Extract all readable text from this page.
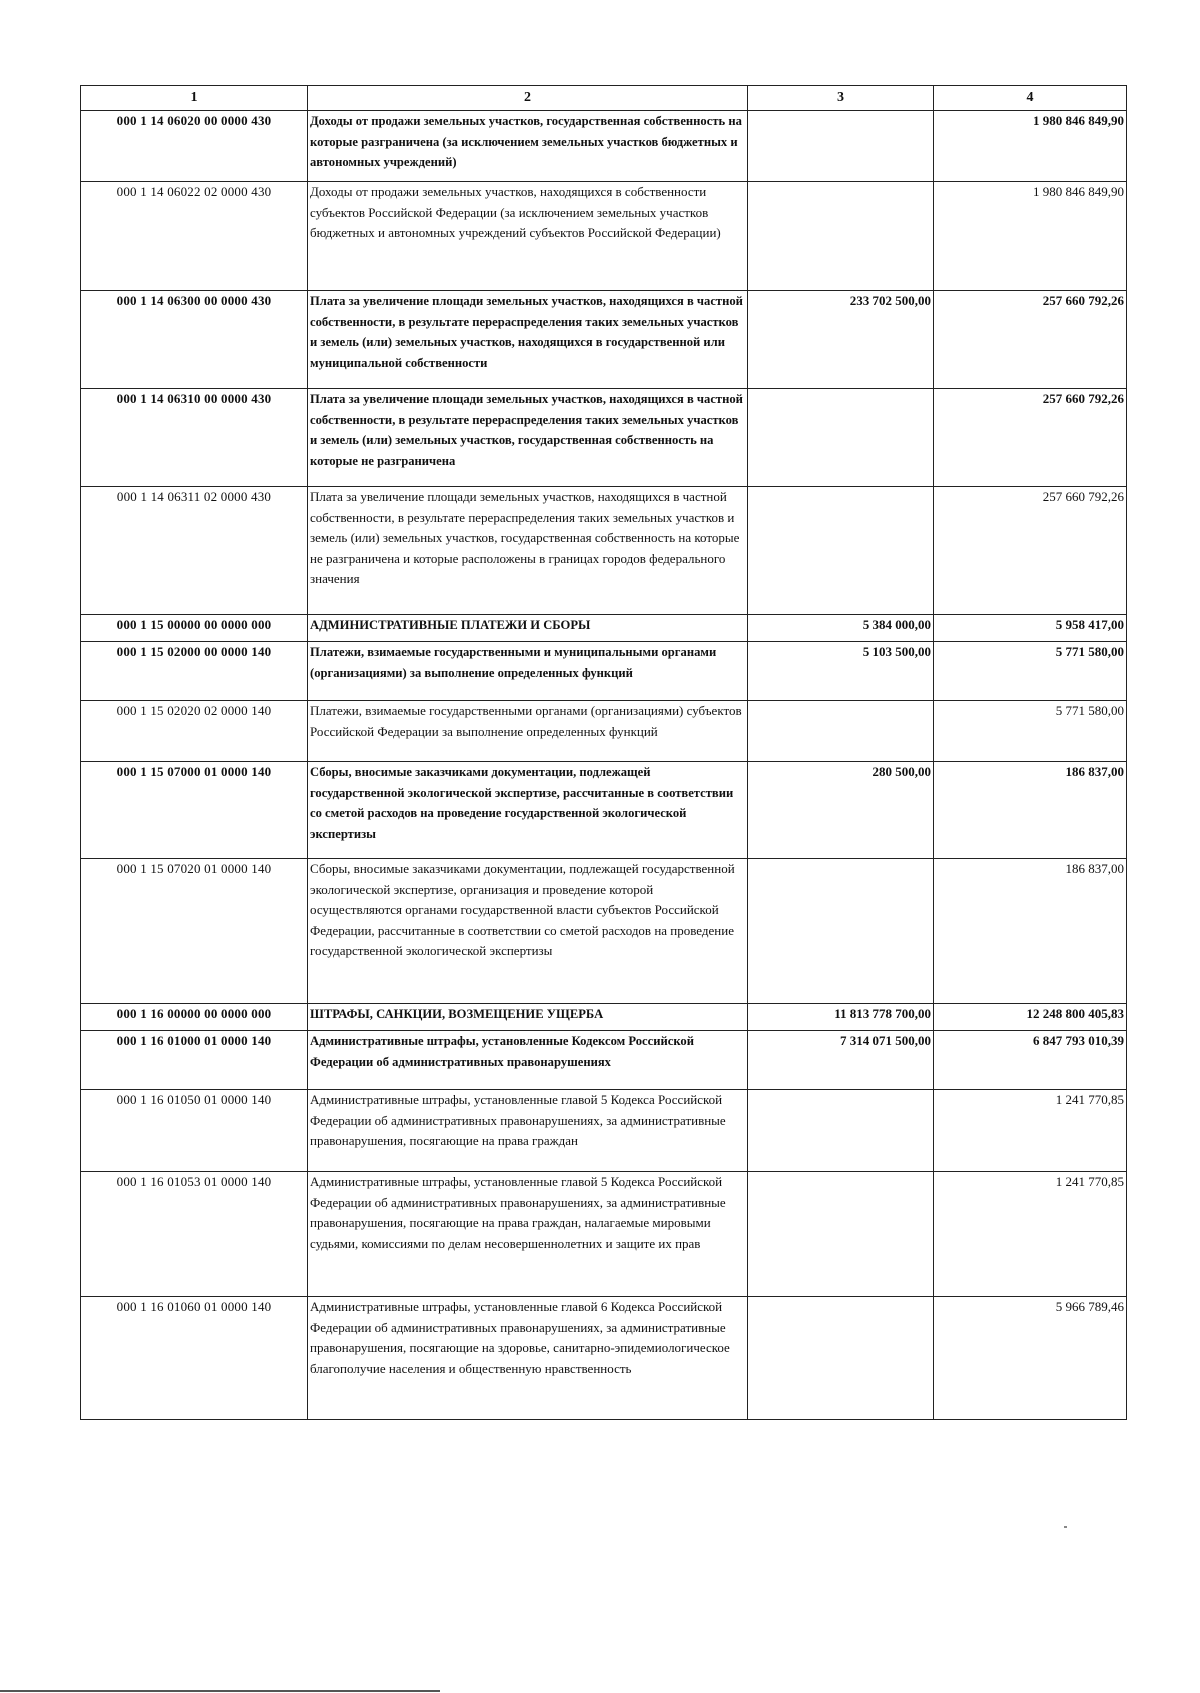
1	2	3	4
000 1 14 06020 00 0000 430	Доходы от продажи земельных участков, государственная собственность на которые разграничена (за исключением земельных участков бюджетных и автономных учреждений)		1 980 846 849,90
000 1 14 06022 02 0000 430	Доходы от продажи земельных участков, находящихся в собственности субъектов Российской Федерации (за исключением земельных участков бюджетных и автономных учреждений субъектов Российской Федерации)		1 980 846 849,90
000 1 14 06300 00 0000 430	Плата за увеличение площади земельных участков, находящихся в частной собственности, в результате перераспределения таких земельных участков и земель (или) земельных участков, находящихся в государственной или муниципальной собственности	233 702 500,00	257 660 792,26
000 1 14 06310 00 0000 430	Плата за увеличение площади земельных участков, находящихся в частной собственности, в результате перераспределения таких земельных участков и земель (или) земельных участков, государственная собственность на которые не разграничена		257 660 792,26
000 1 14 06311 02 0000 430	Плата за увеличение площади земельных участков, находящихся в частной собственности, в результате перераспределения таких земельных участков и земель (или) земельных участков, государственная собственность на которые не разграничена и которые расположены в границах городов федерального значения		257 660 792,26
000 1 15 00000 00 0000 000	АДМИНИСТРАТИВНЫЕ ПЛАТЕЖИ И СБОРЫ	5 384 000,00	5 958 417,00
000 1 15 02000 00 0000 140	Платежи, взимаемые государственными и муниципальными органами (организациями) за выполнение определенных функций	5 103 500,00	5 771 580,00
000 1 15 02020 02 0000 140	Платежи, взимаемые государственными органами (организациями) субъектов Российской Федерации за выполнение определенных функций		5 771 580,00
000 1 15 07000 01 0000 140	Сборы, вносимые заказчиками документации, подлежащей государственной экологической экспертизе, рассчитанные в соответствии со сметой расходов на проведение государственной экологической экспертизы	280 500,00	186 837,00
000 1 15 07020 01 0000 140	Сборы, вносимые заказчиками документации, подлежащей государственной экологической экспертизе, организация и проведение которой осуществляются органами государственной власти субъектов Российской Федерации, рассчитанные в соответствии со сметой расходов на проведение государственной экологической экспертизы		186 837,00
000 1 16 00000 00 0000 000	ШТРАФЫ, САНКЦИИ, ВОЗМЕЩЕНИЕ УЩЕРБА	11 813 778 700,00	12 248 800 405,83
000 1 16 01000 01 0000 140	Административные штрафы, установленные Кодексом Российской Федерации об административных правонарушениях	7 314 071 500,00	6 847 793 010,39
000 1 16 01050 01 0000 140	Административные штрафы, установленные главой 5 Кодекса Российской Федерации об административных правонарушениях, за административные правонарушения, посягающие на права граждан		1 241 770,85
000 1 16 01053 01 0000 140	Административные штрафы, установленные главой 5 Кодекса Российской Федерации об административных правонарушениях, за административные правонарушения, посягающие на права граждан, налагаемые мировыми судьями, комиссиями по делам несовершеннолетних и защите их прав		1 241 770,85
000 1 16 01060 01 0000 140	Административные штрафы, установленные главой 6 Кодекса Российской Федерации об административных правонарушениях, за административные правонарушения, посягающие на здоровье, санитарно-эпидемиологическое благополучие населения и общественную нравственность		5 966 789,46
